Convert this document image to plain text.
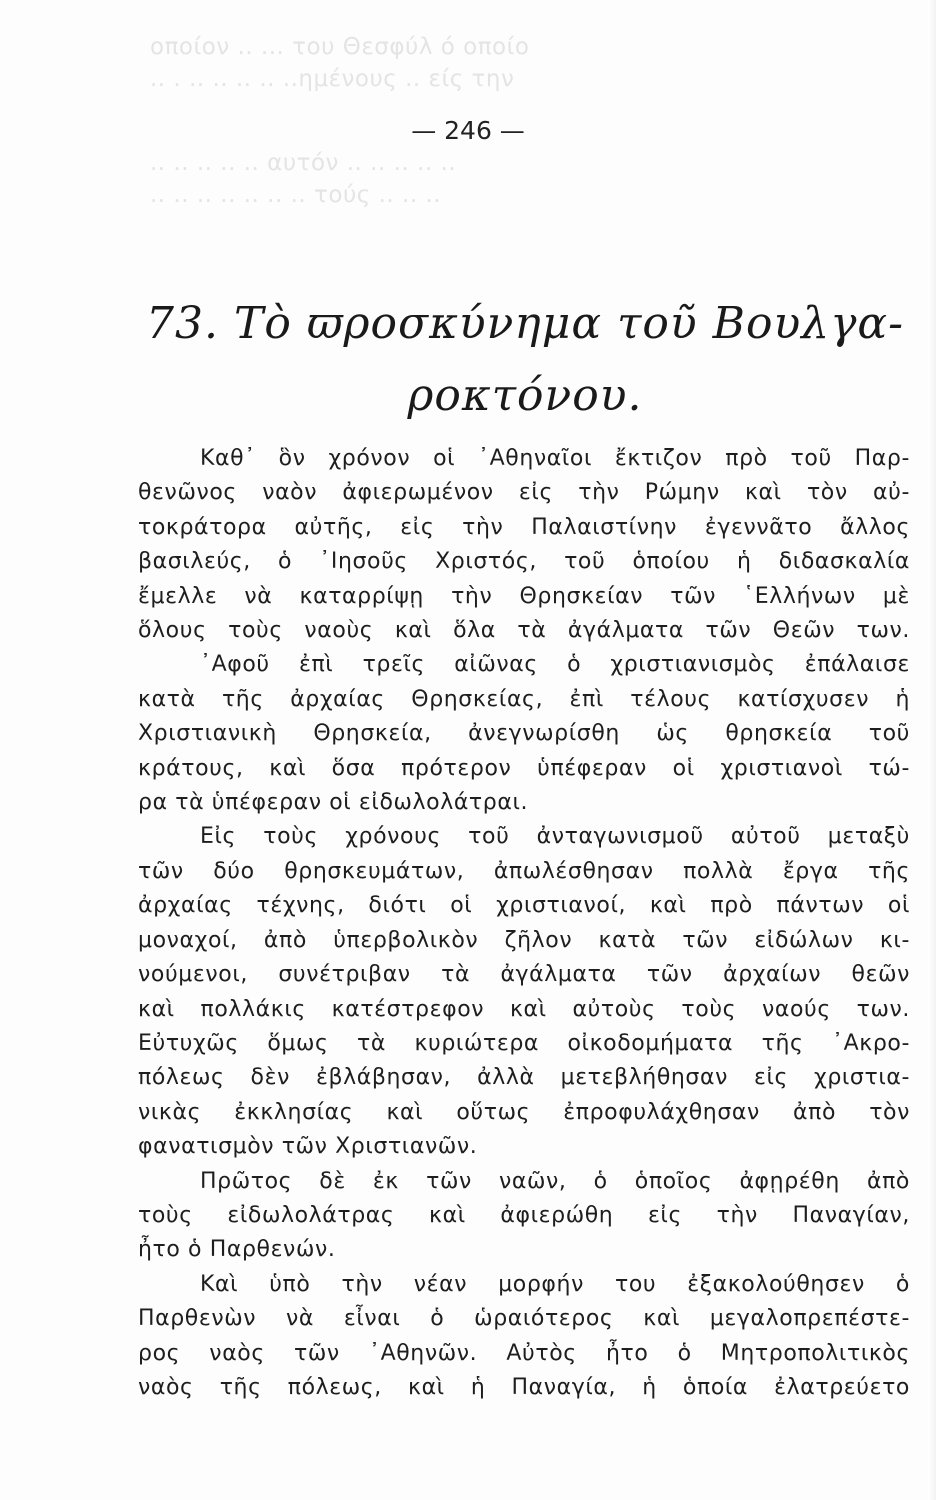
οποίον .. ... του Θεσφύλ ό οποίο
.. . .. .. .. .. ..ημένους .. είς την
.. .. .. .. .. αυτόν .. .. .. .. ..
.. .. .. .. .. .. .. τούς .. .. ..
— 246 —
73. Τὸ ϖροσκύνημα τοῦ Βουλγα-
ροκτόνου.
Καθ᾽ ὃν χρόνον οἱ ᾽Αθηναῖοι ἔκτιζον πρὸ τοῦ Παρ-
θενῶνος ναὸν ἀφιερωμένον εἰς τὴν Ρώμην καὶ τὸν αὐ-
τοκράτορα αὐτῆς, εἰς τὴν Παλαιστίνην ἐγεννᾶτο ἄλλος
βασιλεύς, ὁ ᾽Ιησοῦς Χριστός, τοῦ ὁποίου ἡ διδασκαλία
ἔμελλε νὰ καταρρίψῃ τὴν Θρησκείαν τῶν ῾Ελλήνων μὲ
ὅλους τοὺς ναοὺς καὶ ὅλα τὰ ἀγάλματα τῶν Θεῶν των.
᾽Αφοῦ ἐπὶ τρεῖς αἰῶνας ὁ χριστιανισμὸς ἐπάλαισε
κατὰ τῆς ἀρχαίας Θρησκείας, ἐπὶ τέλους κατίσχυσεν ἡ
Χριστιανικὴ Θρησκεία, ἀνεγνωρίσθη ὡς θρησκεία τοῦ
κράτους, καὶ ὅσα πρότερον ὑπέφεραν οἱ χριστιανοὶ τώ-
ρα τὰ ὑπέφεραν οἱ εἰδωλολάτραι.
Εἰς τοὺς χρόνους τοῦ ἀνταγωνισμοῦ αὐτοῦ μεταξὺ
τῶν δύο θρησκευμάτων, ἀπωλέσθησαν πολλὰ ἔργα τῆς
ἀρχαίας τέχνης, διότι οἱ χριστιανοί, καὶ πρὸ πάντων οἱ
μοναχοί, ἀπὸ ὑπερβολικὸν ζῆλον κατὰ τῶν εἰδώλων κι-
νούμενοι, συνέτριβαν τὰ ἀγάλματα τῶν ἀρχαίων θεῶν
καὶ πολλάκις κατέστρεφον καὶ αὐτοὺς τοὺς ναούς των.
Εὐτυχῶς ὅμως τὰ κυριώτερα οἰκοδομήματα τῆς ᾽Ακρο-
πόλεως δὲν ἐβλάβησαν, ἀλλὰ μετεβλήθησαν εἰς χριστια-
νικὰς ἐκκλησίας καὶ οὕτως ἐπροφυλάχθησαν ἀπὸ τὸν
φανατισμὸν τῶν Χριστιανῶν.
Πρῶτος δὲ ἐκ τῶν ναῶν, ὁ ὁποῖος ἀφῃρέθη ἀπὸ
τοὺς εἰδωλολάτρας καὶ ἀφιερώθη εἰς τὴν Παναγίαν,
ἦτο ὁ Παρθενών.
Καὶ ὑπὸ τὴν νέαν μορφήν του ἐξακολούθησεν ὁ
Παρθενὼν νὰ εἶναι ὁ ὡραιότερος καὶ μεγαλοπρεπέστε-
ρος ναὸς τῶν ᾽Αθηνῶν. Αὐτὸς ἦτο ὁ Μητροπολιτικὸς
ναὸς τῆς πόλεως, καὶ ἡ Παναγία, ἡ ὁποία ἐλατρεύετο
